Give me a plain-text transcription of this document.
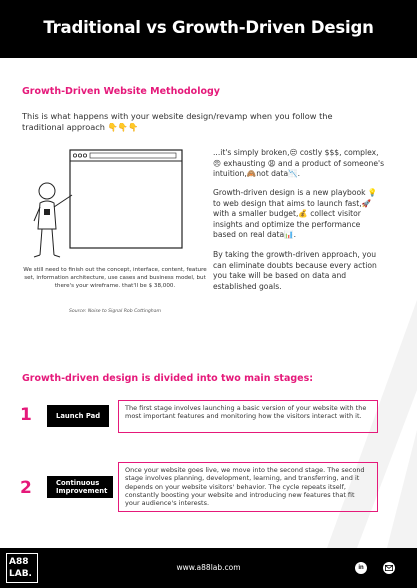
Traditional vs Growth-Driven Design
Growth-Driven Website Methodology
This is what happens with your website design/revamp when you follow the traditional approach 👇👇👇
We still need to finish out the concept, interface, content, feature set, information architecture, use cases and business model, but there's your wireframe. that'll be $ 38,000.
Source: Noise to Signal Rob Cottingham
...it's simply broken,😒 costly $$$, complex,😠 exhausting 😩 and a product of someone's intuition,🙈not data📉.
Growth-driven design is a new playbook 💡 to web design that aims to launch fast,🚀 with a smaller budget,💰 collect visitor insights and optimize the performance based on real data📊.
By taking the growth-driven approach, you can eliminate doubts because every action you take will be based on data and established goals.
Growth-driven design is divided into two main stages:
1	Launch Pad
The first stage involves launching a basic version of your website with the most important features and monitoring how the visitors interact with it.
2	Continuous Improvement
Once your website goes live, we move into the second stage. The second stage involves planning, development, learning, and transferring, and it depends on your website visitors' behavior. The cycle repeats itself, constantly boosting your website and introducing new features that fit your audience's interests.
A88
LAB.
www.a88lab.com	in
